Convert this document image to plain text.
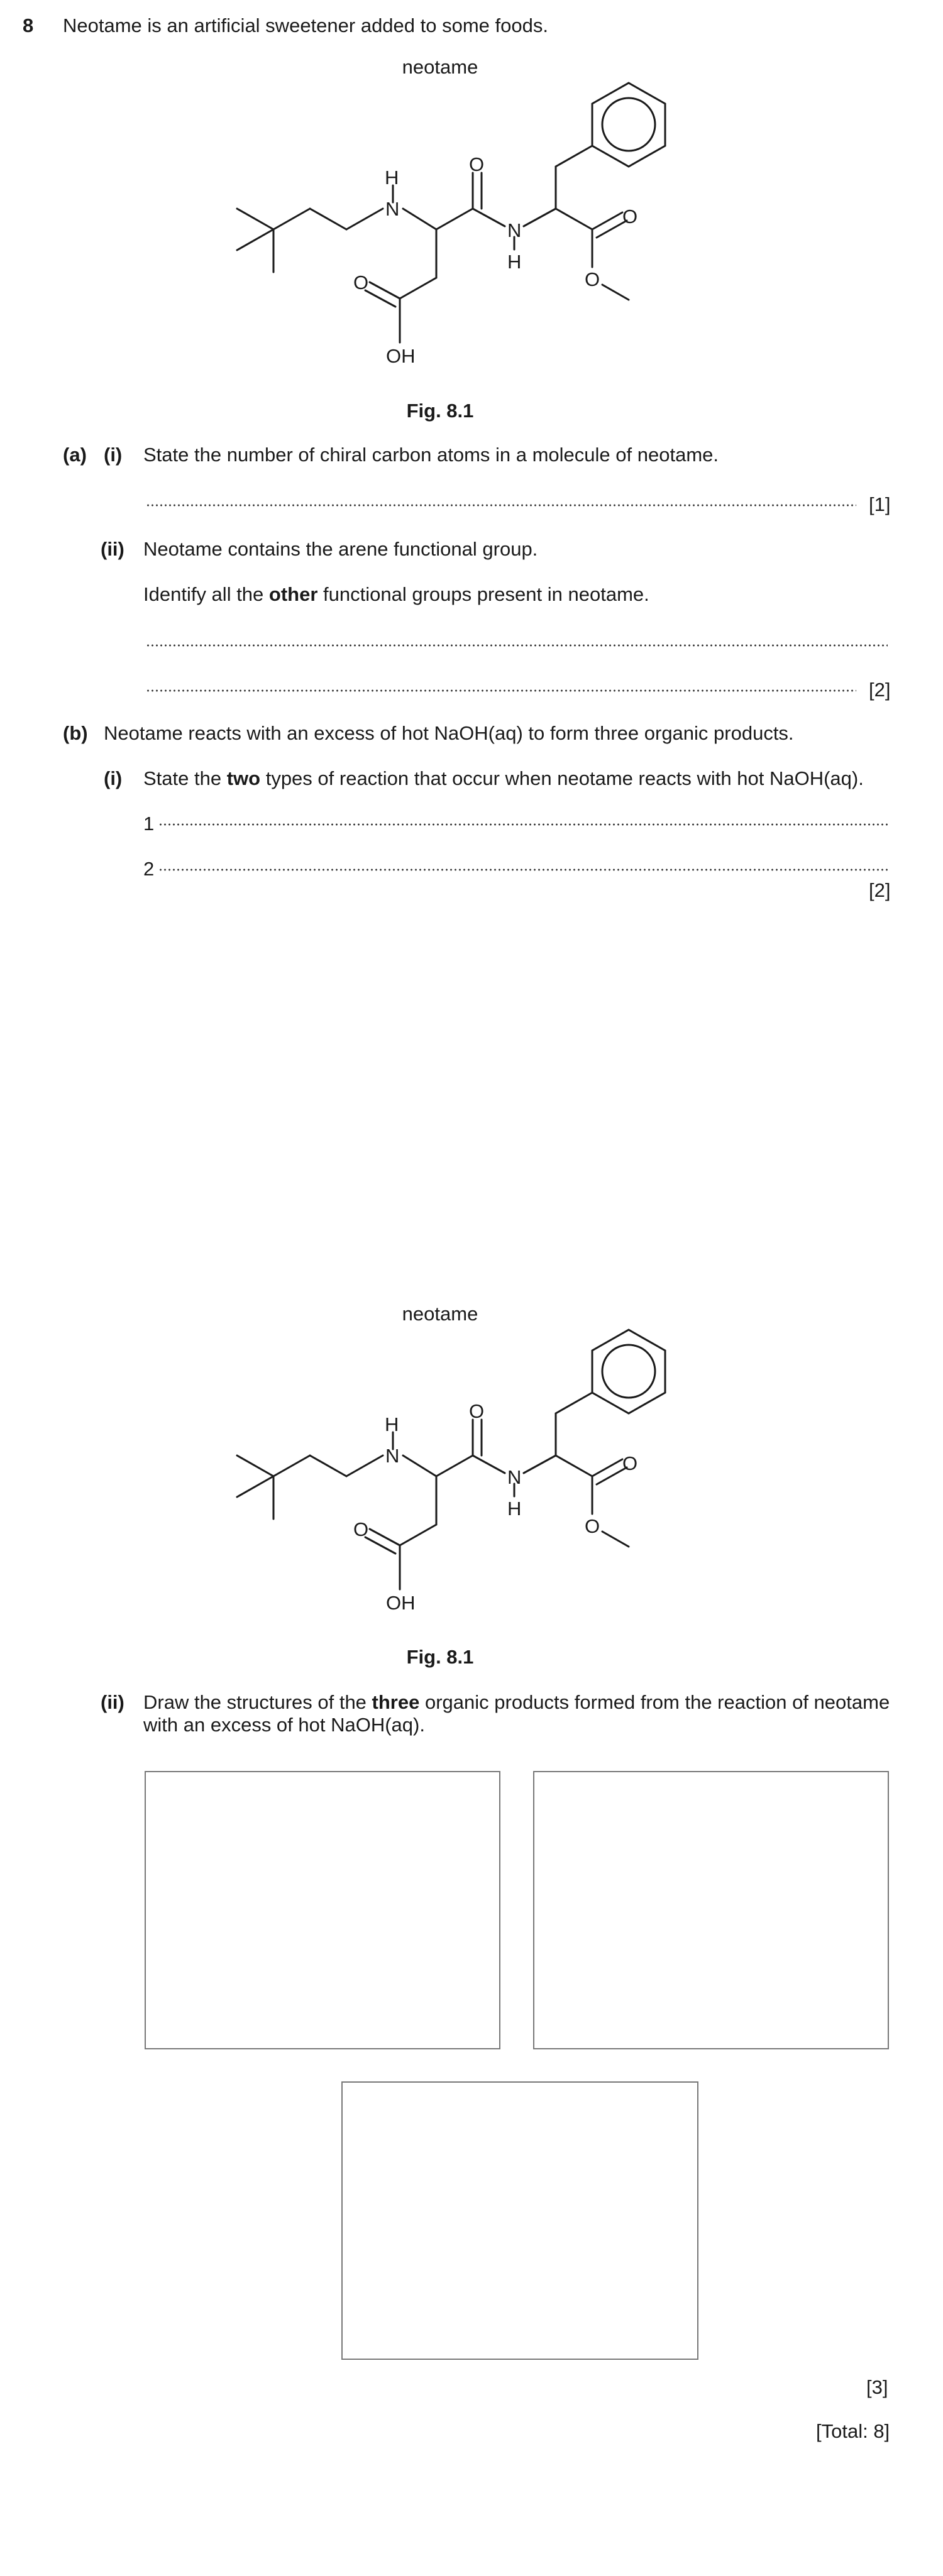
8 Neotame is an artificial sweetener added to some foods.
neotame
H
N
O
N
H
O
OH
O
O
Fig. 8.1
(a) (i) State the number of chiral carbon atoms in a molecule of neotame.
[1]
(ii) Neotame contains the arene functional group.
Identify all the other functional groups present in neotame.
[2]
(b) Neotame reacts with an excess of hot NaOH(aq) to form three organic products.
(i) State the two types of reaction that occur when neotame reacts with hot NaOH(aq).
1
2
[2]
neotame
H
N
O
N
H
O
OH
O
O
Fig. 8.1
(ii) Draw the structures of the three organic products formed from the reaction of neotame
with an excess of hot NaOH(aq).
[3]
[Total: 8]
